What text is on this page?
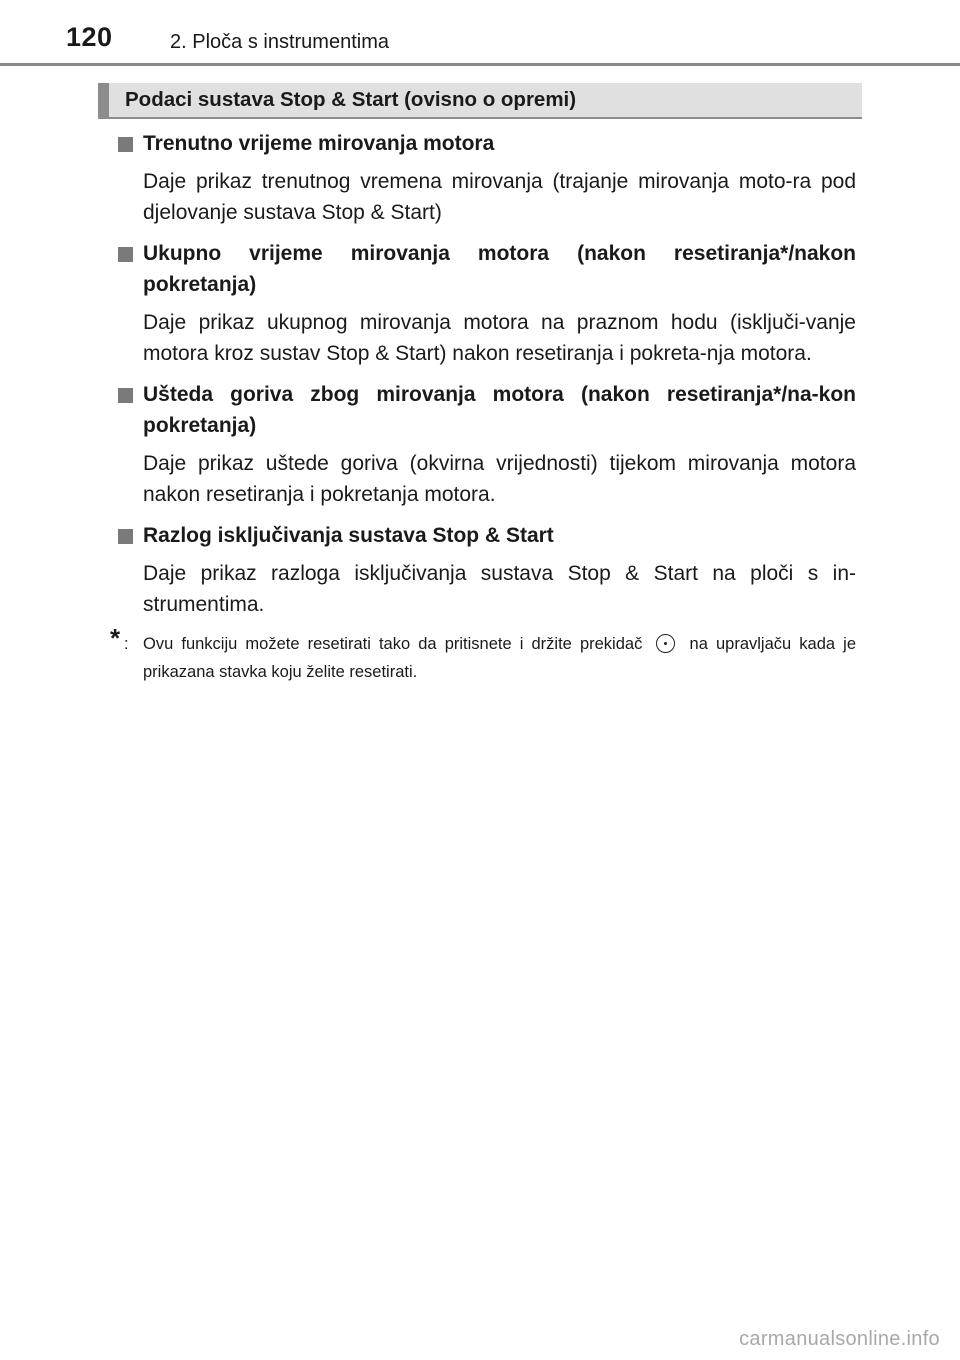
120	2. Ploča s instrumentima
Podaci sustava Stop & Start (ovisno o opremi)
Trenutno vrijeme mirovanja motora

Daje prikaz trenutnog vremena mirovanja (trajanje mirovanja moto-ra pod djelovanje sustava Stop & Start)

Ukupno vrijeme mirovanja motora (nakon resetiranja*/nakon pokretanja)

Daje prikaz ukupnog mirovanja motora na praznom hodu (isključi-vanje motora kroz sustav Stop & Start) nakon resetiranja i pokreta-nja motora.

Ušteda goriva zbog mirovanja motora (nakon resetiranja*/na-kon pokretanja)

Daje prikaz uštede goriva (okvirna vrijednosti) tijekom mirovanja motora nakon resetiranja i pokretanja motora.

Razlog isključivanja sustava Stop & Start

Daje prikaz razloga isključivanja sustava Stop & Start na ploči s in-strumentima.

* : Ovu funkciju možete resetirati tako da pritisnete i držite prekidač	na upravljaču kada je prikazana stavka koju želite resetirati.
carmanualsonline.info
